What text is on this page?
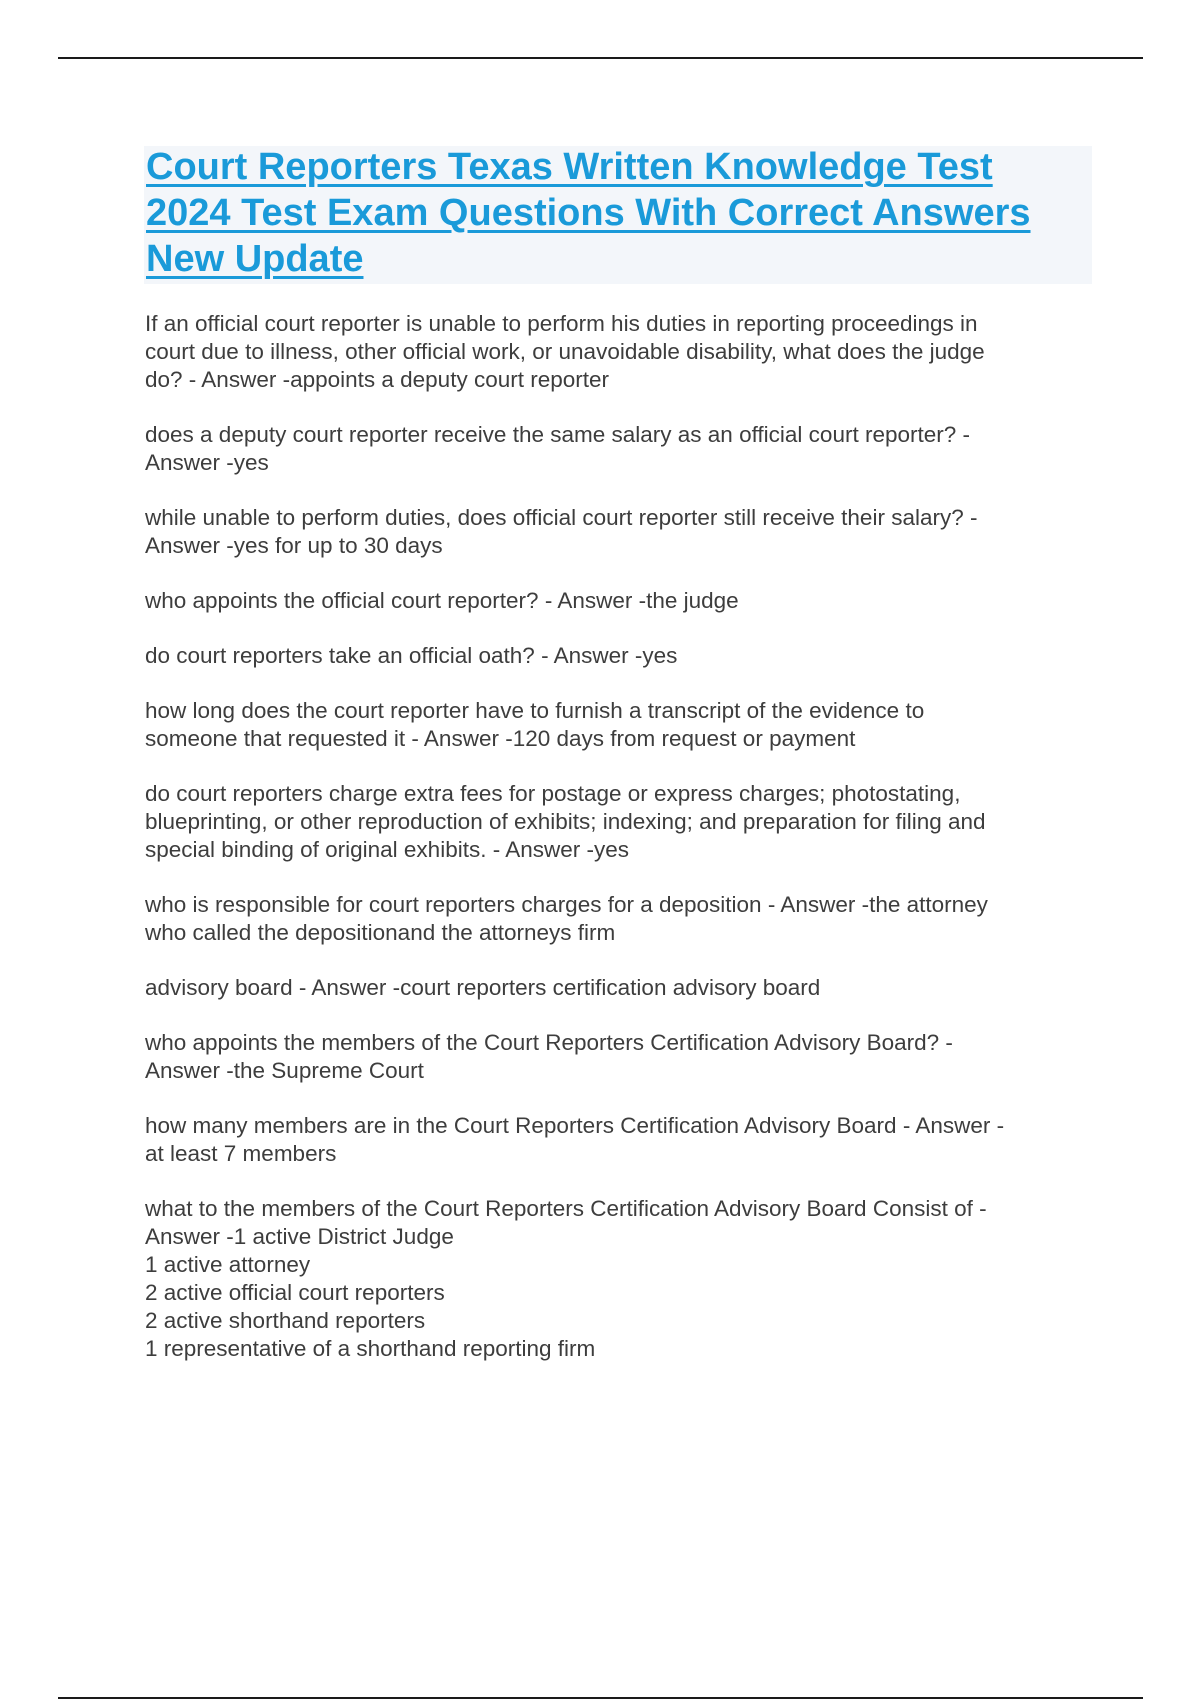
Court Reporters Texas Written Knowledge Test
2024 Test Exam Questions With Correct Answers
New Update

If an official court reporter is unable to perform his duties in reporting proceedings in
court due to illness, other official work, or unavoidable disability, what does the judge
do? - Answer -appoints a deputy court reporter

does a deputy court reporter receive the same salary as an official court reporter? -
Answer -yes

while unable to perform duties, does official court reporter still receive their salary? -
Answer -yes for up to 30 days

who appoints the official court reporter? - Answer -the judge

do court reporters take an official oath? - Answer -yes

how long does the court reporter have to furnish a transcript of the evidence to
someone that requested it - Answer -120 days from request or payment

do court reporters charge extra fees for postage or express charges; photostating,
blueprinting, or other reproduction of exhibits; indexing; and preparation for filing and
special binding of original exhibits. - Answer -yes

who is responsible for court reporters charges for a deposition - Answer -the attorney
who called the depositionand the attorneys firm

advisory board - Answer -court reporters certification advisory board

who appoints the members of the Court Reporters Certification Advisory Board? -
Answer -the Supreme Court

how many members are in the Court Reporters Certification Advisory Board - Answer -
at least 7 members

what to the members of the Court Reporters Certification Advisory Board Consist of -
Answer -1 active District Judge
1 active attorney
2 active official court reporters
2 active shorthand reporters
1 representative of a shorthand reporting firm
